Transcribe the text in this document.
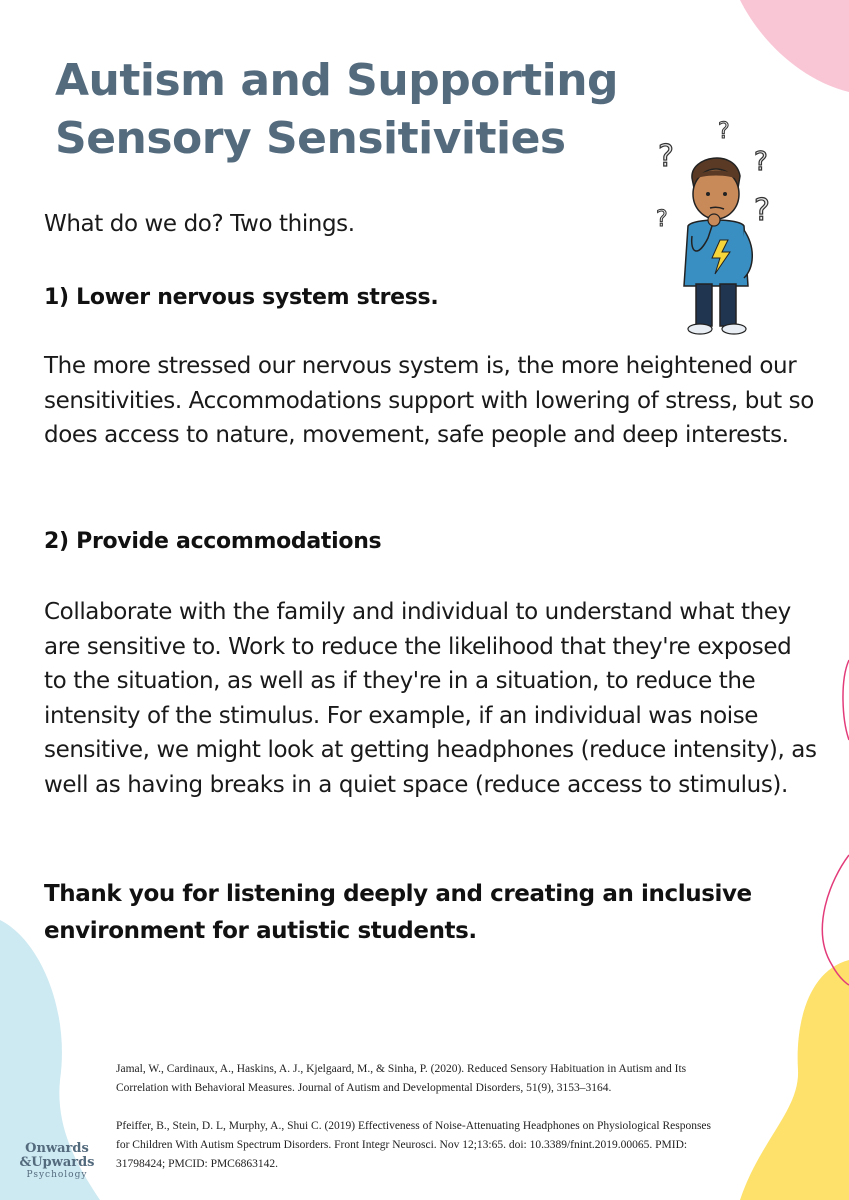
Autism and Supporting Sensory Sensitivities	?
?
?
?	?

What do we do? Two things.

1) Lower nervous system stress.

The more stressed our nervous system is, the more heightened our sensitivities. Accommodations support with lowering of stress, but so does access to nature, movement, safe people and deep interests.

2) Provide accommodations

Collaborate with the family and individual to understand what they are sensitive to. Work to reduce the likelihood that they're exposed to the situation, as well as if they're in a situation, to reduce the intensity of the stimulus. For example, if an individual was noise sensitive, we might look at getting headphones (reduce intensity), as well as having breaks in a quiet space (reduce access to stimulus).

Thank you for listening deeply and creating an inclusive environment for autistic students.

Jamal, W., Cardinaux, A., Haskins, A. J., Kjelgaard, M., & Sinha, P. (2020). Reduced Sensory Habituation in Autism and Its Correlation with Behavioral Measures. Journal of Autism and Developmental Disorders, 51(9), 3153–3164.

Pfeiffer, B., Stein, D. L, Murphy, A., Shui C. (2019) Effectiveness of Noise-Attenuating Headphones on Physiological Responses for Children With Autism Spectrum Disorders. Front Integr Neurosci. Nov 12;13:65. doi: 10.3389/fnint.2019.00065. PMID: 31798424; PMCID: PMC6863142.

Onwards
&Upwards
Psychology
